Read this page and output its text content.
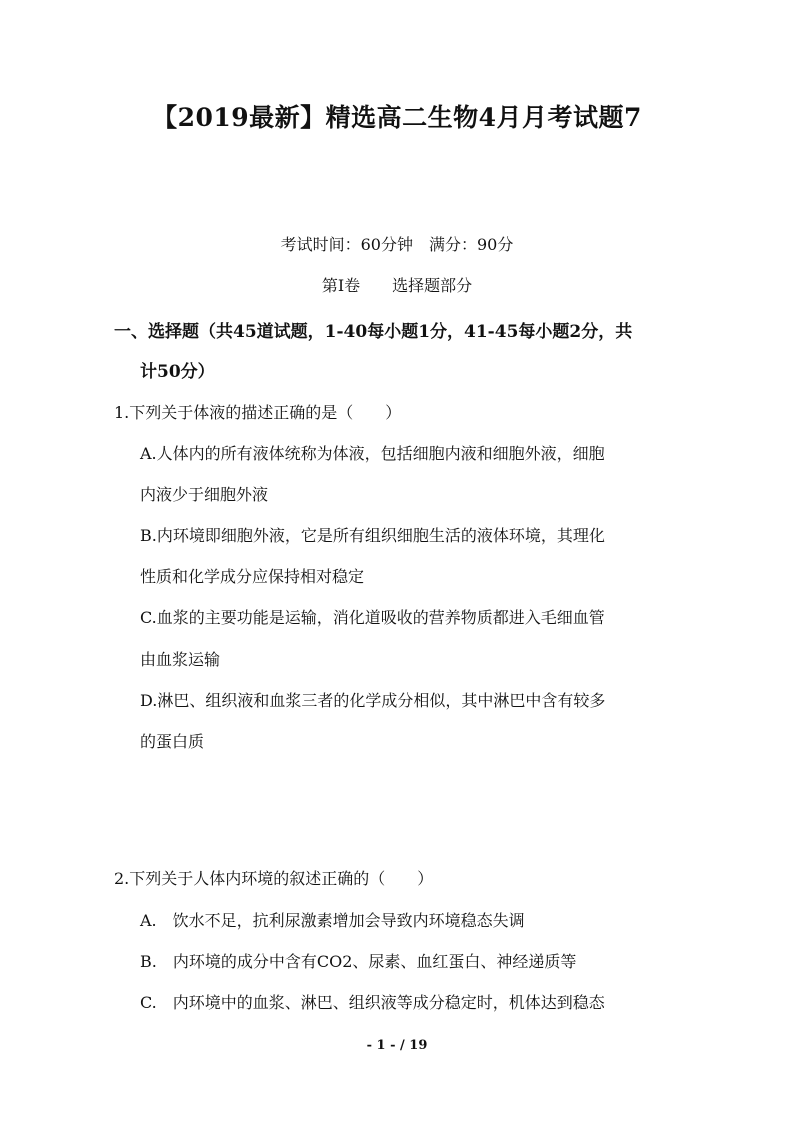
【2019最新】精选高二生物4月月考试题7
考试时间：60分钟　满分：90分
第Ⅰ卷　　选择题部分
一、选择题（共45道试题，1-40每小题1分，41-45每小题2分，共
计50分）
1.下列关于体液的描述正确的是（　　）
A.人体内的所有液体统称为体液，包括细胞内液和细胞外液，细胞
内液少于细胞外液
B.内环境即细胞外液，它是所有组织细胞生活的液体环境，其理化
性质和化学成分应保持相对稳定
C.血浆的主要功能是运输，消化道吸收的营养物质都进入毛细血管
由血浆运输
D.淋巴、组织液和血浆三者的化学成分相似，其中淋巴中含有较多
的蛋白质
2.下列关于人体内环境的叙述正确的（　　）
A.　饮水不足，抗利尿激素增加会导致内环境稳态失调
B.　内环境的成分中含有CO2、尿素、血红蛋白、神经递质等
C.　内环境中的血浆、淋巴、组织液等成分稳定时，机体达到稳态
- 1 - / 19
